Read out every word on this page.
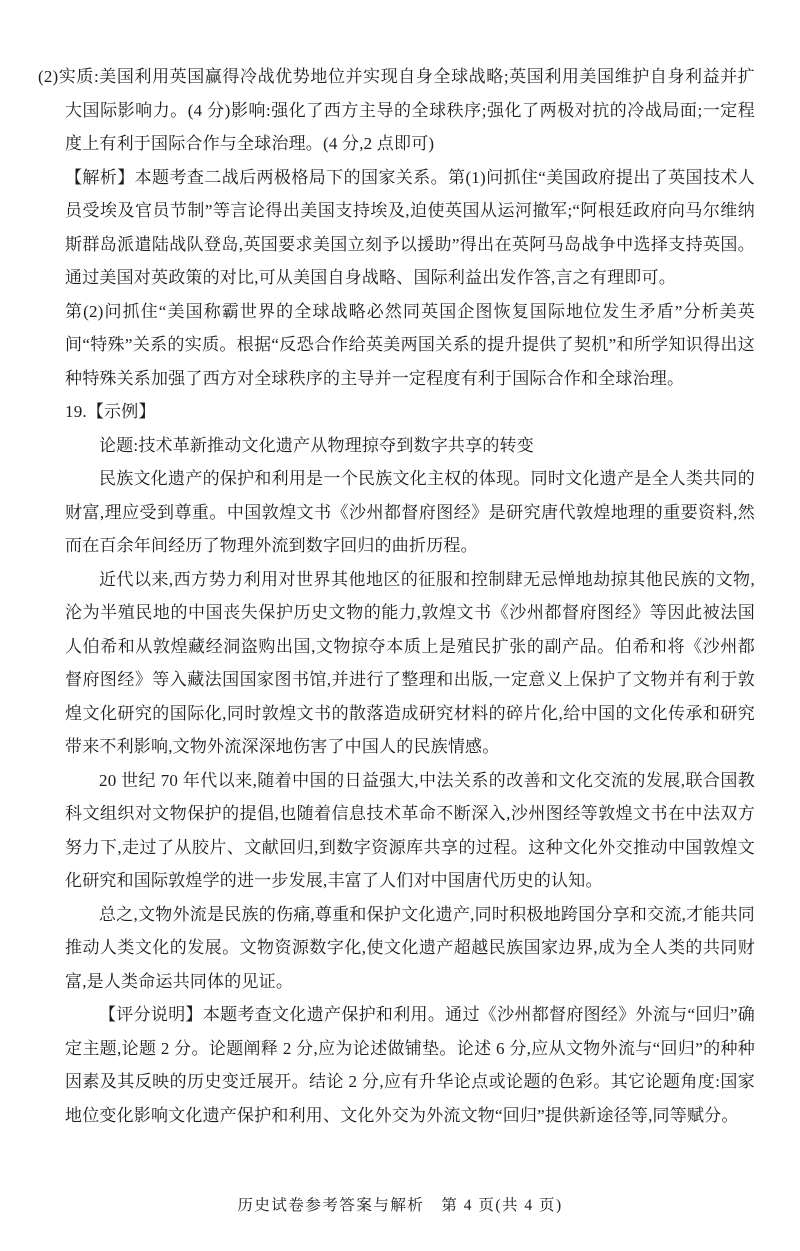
(2)实质:美国利用英国赢得冷战优势地位并实现自身全球战略;英国利用美国维护自身利益并扩大国际影响力。(4 分)影响:强化了西方主导的全球秩序;强化了两极对抗的冷战局面;一定程度上有利于国际合作与全球治理。(4 分,2 点即可)

【解析】本题考查二战后两极格局下的国家关系。第(1)问抓住“美国政府提出了英国技术人员受埃及官员节制”等言论得出美国支持埃及,迫使英国从运河撤军;“阿根廷政府向马尔维纳斯群岛派遣陆战队登岛,英国要求美国立刻予以援助”得出在英阿马岛战争中选择支持英国。通过美国对英政策的对比,可从美国自身战略、国际利益出发作答,言之有理即可。

第(2)问抓住“美国称霸世界的全球战略必然同英国企图恢复国际地位发生矛盾”分析美英间“特殊”关系的实质。根据“反恐合作给英美两国关系的提升提供了契机”和所学知识得出这种特殊关系加强了西方对全球秩序的主导并一定程度有利于国际合作和全球治理。

19.【示例】

论题:技术革新推动文化遗产从物理掠夺到数字共享的转变

民族文化遗产的保护和利用是一个民族文化主权的体现。同时文化遗产是全人类共同的财富,理应受到尊重。中国敦煌文书《沙州都督府图经》是研究唐代敦煌地理的重要资料,然而在百余年间经历了物理外流到数字回归的曲折历程。

近代以来,西方势力利用对世界其他地区的征服和控制肆无忌惮地劫掠其他民族的文物,沦为半殖民地的中国丧失保护历史文物的能力,敦煌文书《沙州都督府图经》等因此被法国人伯希和从敦煌藏经洞盗购出国,文物掠夺本质上是殖民扩张的副产品。伯希和将《沙州都督府图经》等入藏法国国家图书馆,并进行了整理和出版,一定意义上保护了文物并有利于敦煌文化研究的国际化,同时敦煌文书的散落造成研究材料的碎片化,给中国的文化传承和研究带来不利影响,文物外流深深地伤害了中国人的民族情感。

20 世纪 70 年代以来,随着中国的日益强大,中法关系的改善和文化交流的发展,联合国教科文组织对文物保护的提倡,也随着信息技术革命不断深入,沙州图经等敦煌文书在中法双方努力下,走过了从胶片、文献回归,到数字资源库共享的过程。这种文化外交推动中国敦煌文化研究和国际敦煌学的进一步发展,丰富了人们对中国唐代历史的认知。

总之,文物外流是民族的伤痛,尊重和保护文化遗产,同时积极地跨国分享和交流,才能共同推动人类文化的发展。文物资源数字化,使文化遗产超越民族国家边界,成为全人类的共同财富,是人类命运共同体的见证。

【评分说明】本题考查文化遗产保护和利用。通过《沙州都督府图经》外流与“回归”确定主题,论题 2 分。论题阐释 2 分,应为论述做铺垫。论述 6 分,应从文物外流与“回归”的种种因素及其反映的历史变迁展开。结论 2 分,应有升华论点或论题的色彩。其它论题角度:国家地位变化影响文化遗产保护和利用、文化外交为外流文物“回归”提供新途径等,同等赋分。

历史试卷参考答案与解析　第 4 页(共 4 页)
